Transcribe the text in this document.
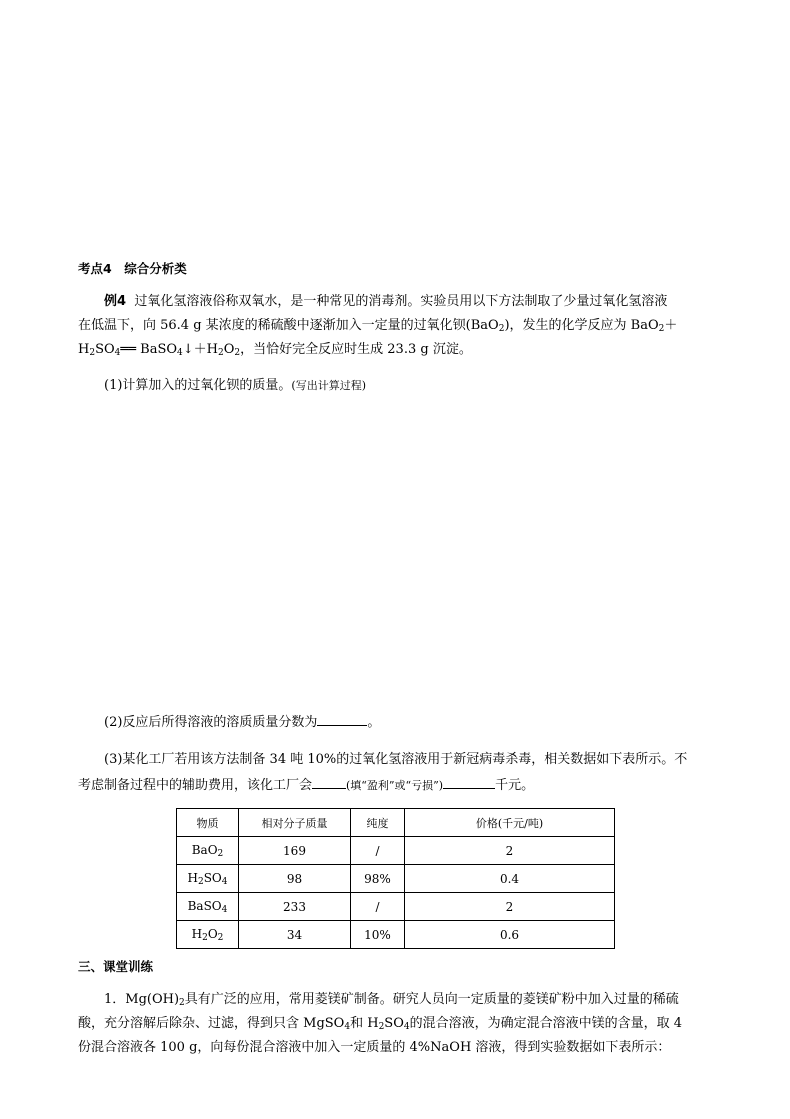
考点4　综合分析类
例4 过氧化氢溶液俗称双氧水，是一种常见的消毒剂。实验员用以下方法制取了少量过氧化氢溶液
在低温下，向 56.4 g 某浓度的稀硫酸中逐渐加入一定量的过氧化钡(BaO$_2$)，发生的化学反应为 BaO$_2$＋
$H_2SO_4══$ $BaSO_4↓+H_2O_2$，当恰好完全反应时生成 23.3 g 沉淀。
(1)计算加入的过氧化钡的质量。(写出计算过程)
(2)反应后所得溶液的溶质质量分数为	。
(3)某化工厂若用该方法制备 34 吨 10%的过氧化氢溶液用于新冠病毒杀毒，相关数据如下表所示。不
考虑制备过程中的辅助费用，该化工厂会	(填“盈利”或“亏损”)	千元。
物质	相对分子质量	纯度	价格(千元/吨)
BaO$_2$	169	/	2
$H_2SO_4$	98	98%	0.4
BaSO$_4$	233	/	2
$H_2O_2$	34	10%	0.6
三、课堂训练
1．$Mg(OH)_2$具有广泛的应用，常用菱镁矿制备。研究人员向一定质量的菱镁矿粉中加入过量的稀硫
酸，充分溶解后除杂、过滤，得到只含 MgSO$_4$和 $H_2SO_4$的混合溶液，为确定混合溶液中镁的含量，取 4
份混合溶液各 100 g，向每份混合溶液中加入一定质量的 4%NaOH 溶液，得到实验数据如下表所示：
